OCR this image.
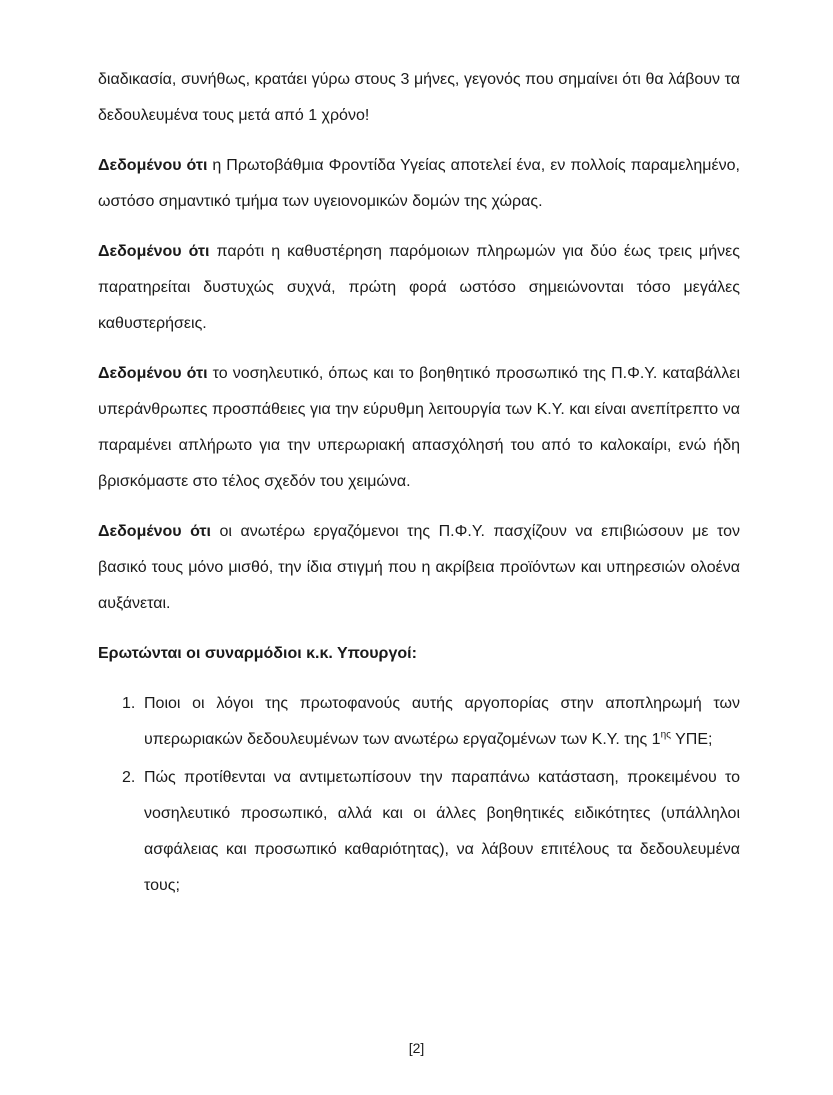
διαδικασία, συνήθως, κρατάει γύρω στους 3 μήνες, γεγονός που σημαίνει ότι θα λάβουν τα δεδουλευμένα τους μετά από 1 χρόνο!

Δεδομένου ότι η Πρωτοβάθμια Φροντίδα Υγείας αποτελεί ένα, εν πολλοίς παραμελημένο, ωστόσο σημαντικό τμήμα των υγειονομικών δομών της χώρας.

Δεδομένου ότι παρότι η καθυστέρηση παρόμοιων πληρωμών για δύο έως τρεις μήνες παρατηρείται δυστυχώς συχνά, πρώτη φορά ωστόσο σημειώνονται τόσο μεγάλες καθυστερήσεις.

Δεδομένου ότι το νοσηλευτικό, όπως και το βοηθητικό προσωπικό της Π.Φ.Υ. καταβάλλει υπεράνθρωπες προσπάθειες για την εύρυθμη λειτουργία των Κ.Υ. και είναι ανεπίτρεπτο να παραμένει απλήρωτο για την υπερωριακή απασχόλησή του από το καλοκαίρι, ενώ ήδη βρισκόμαστε στο τέλος σχεδόν του χειμώνα.

Δεδομένου ότι οι ανωτέρω εργαζόμενοι της Π.Φ.Υ. πασχίζουν να επιβιώσουν με τον βασικό τους μόνο μισθό, την ίδια στιγμή που η ακρίβεια προϊόντων και υπηρεσιών ολοένα αυξάνεται.

Ερωτώνται οι συναρμόδιοι κ.κ. Υπουργοί:

1. Ποιοι οι λόγοι της πρωτοφανούς αυτής αργοπορίας στην αποπληρωμή των υπερωριακών δεδουλευμένων των ανωτέρω εργαζομένων των Κ.Υ. της $1^{\eta\varsigma}$ ΥΠΕ;
2. Πώς προτίθενται να αντιμετωπίσουν την παραπάνω κατάσταση, προκειμένου το νοσηλευτικό προσωπικό, αλλά και οι άλλες βοηθητικές ειδικότητες (υπάλληλοι ασφάλειας και προσωπικό καθαριότητας), να λάβουν επιτέλους τα δεδουλευμένα τους;
[2]
